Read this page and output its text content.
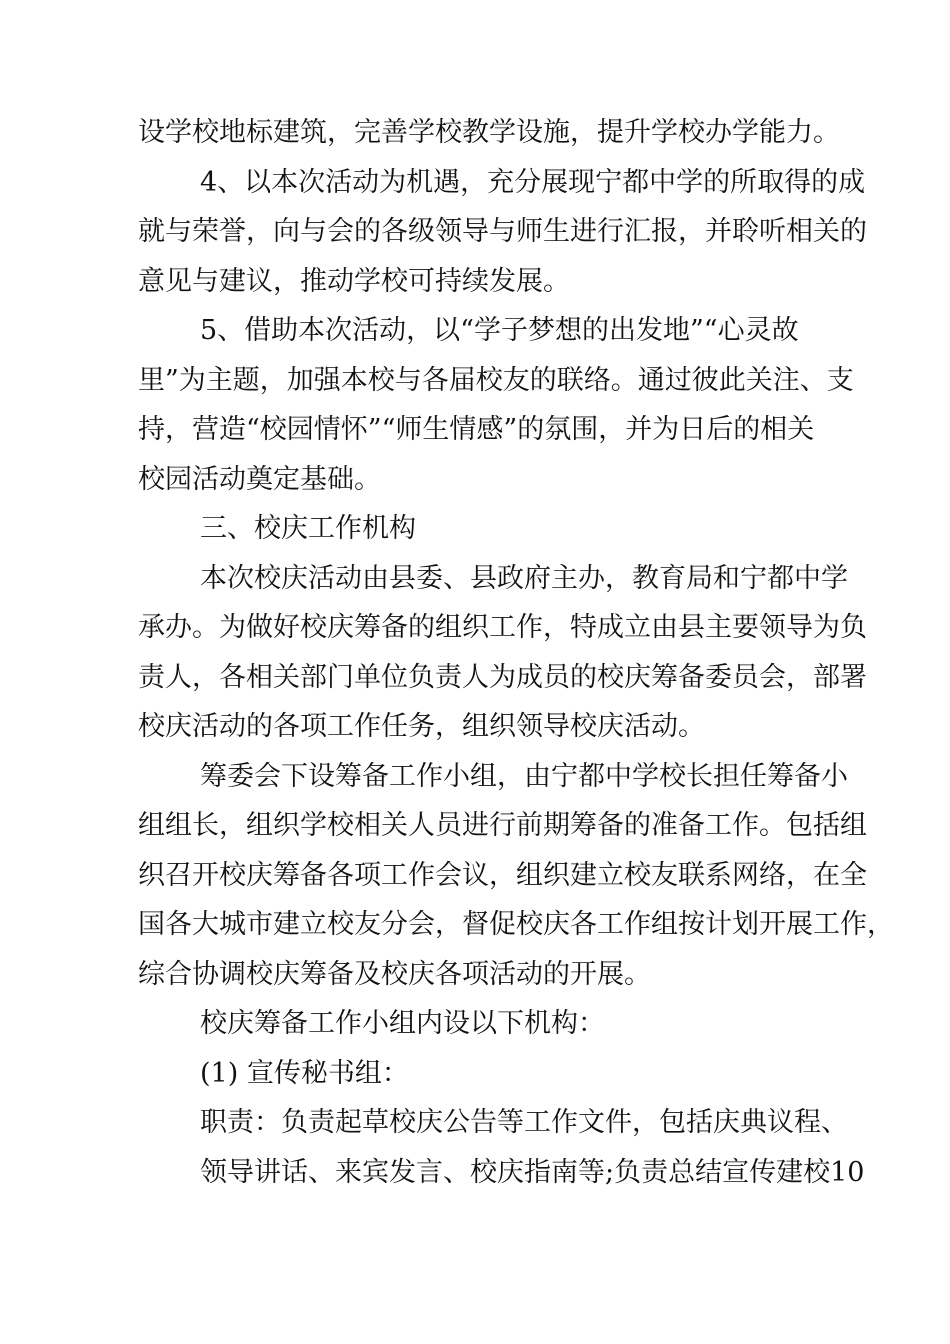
设学校地标建筑，完善学校教学设施，提升学校办学能力。
4、以本次活动为机遇，充分展现宁都中学的所取得的成
就与荣誉，向与会的各级领导与师生进行汇报，并聆听相关的
意见与建议，推动学校可持续发展。
5、借助本次活动，以“学子梦想的出发地”“心灵故
里”为主题，加强本校与各届校友的联络。通过彼此关注、支
持，营造“校园情怀”“师生情感”的氛围，并为日后的相关
校园活动奠定基础。
三、校庆工作机构
本次校庆活动由县委、县政府主办，教育局和宁都中学
承办。为做好校庆筹备的组织工作，特成立由县主要领导为负
责人，各相关部门单位负责人为成员的校庆筹备委员会，部署
校庆活动的各项工作任务，组织领导校庆活动。
筹委会下设筹备工作小组，由宁都中学校长担任筹备小
组组长，组织学校相关人员进行前期筹备的准备工作。包括组
织召开校庆筹备各项工作会议，组织建立校友联系网络，在全
国各大城市建立校友分会，督促校庆各工作组按计划开展工作，
综合协调校庆筹备及校庆各项活动的开展。
校庆筹备工作小组内设以下机构：
(1) 宣传秘书组：
职责：负责起草校庆公告等工作文件，包括庆典议程、
领导讲话、来宾发言、校庆指南等;负责总结宣传建校10
